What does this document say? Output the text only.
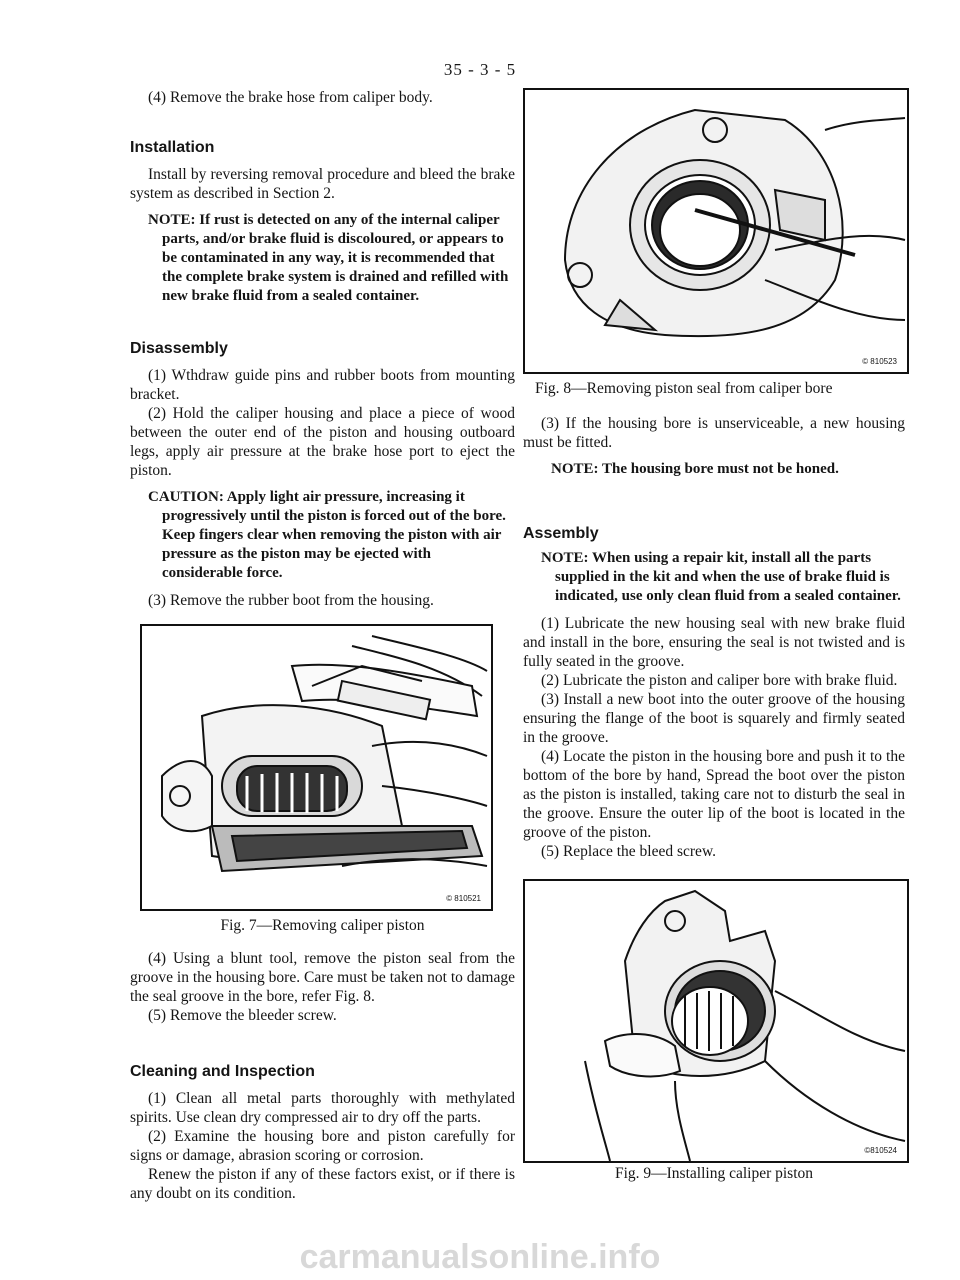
35 - 3 - 5

(4) Remove the brake hose from caliper body.

Installation

Install by reversing removal procedure and bleed the brake system as described in Section 2.

NOTE: If rust is detected on any of the internal caliper parts, and/or brake fluid is discoloured, or appears to be contaminated in any way, it is recommended that the complete brake system is drained and refilled with new brake fluid from a sealed container.

Disassembly

(1) Wthdraw guide pins and rubber boots from mounting bracket.

(2) Hold the caliper housing and place a piece of wood between the outer end of the piston and housing outboard legs, apply air pressure at the brake hose port to eject the piston.

CAUTION: Apply light air pressure, increasing it progressively until the piston is forced out of the bore. Keep fingers clear when removing the piston with air pressure as the piston may be ejected with considerable force.

(3) Remove the rubber boot from the housing.

© 810521
Fig. 7—Removing caliper piston

(4) Using a blunt tool, remove the piston seal from the groove in the housing bore. Care must be taken not to damage the seal groove in the bore, refer Fig. 8.

(5) Remove the bleeder screw.

Cleaning and Inspection

(1) Clean all metal parts thoroughly with methylated spirits. Use clean dry compressed air to dry off the parts.

(2) Examine the housing bore and piston carefully for signs or damage, abrasion scoring or corrosion.

Renew the piston if any of these factors exist, or if there is any doubt on its condition.

© 810523
Fig. 8—Removing piston seal from caliper bore

(3) If the housing bore is unserviceable, a new housing must be fitted.

NOTE: The housing bore must not be honed.

Assembly

NOTE: When using a repair kit, install all the parts supplied in the kit and when the use of brake fluid is indicated, use only clean fluid from a sealed container.

(1) Lubricate the new housing seal with new brake fluid and install in the bore, ensuring the seal is not twisted and is fully seated in the groove.

(2) Lubricate the piston and caliper bore with brake fluid.

(3) Install a new boot into the outer groove of the housing ensuring the flange of the boot is squarely and firmly seated in the groove.

(4) Locate the piston in the housing bore and push it to the bottom of the bore by hand, Spread the boot over the piston as the piston is installed, taking care not to disturb the seal in the groove. Ensure the outer lip of the boot is located in the groove of the piston.

(5) Replace the bleed screw.

©810524
Fig. 9—Installing caliper piston
carmanualsonline.info
